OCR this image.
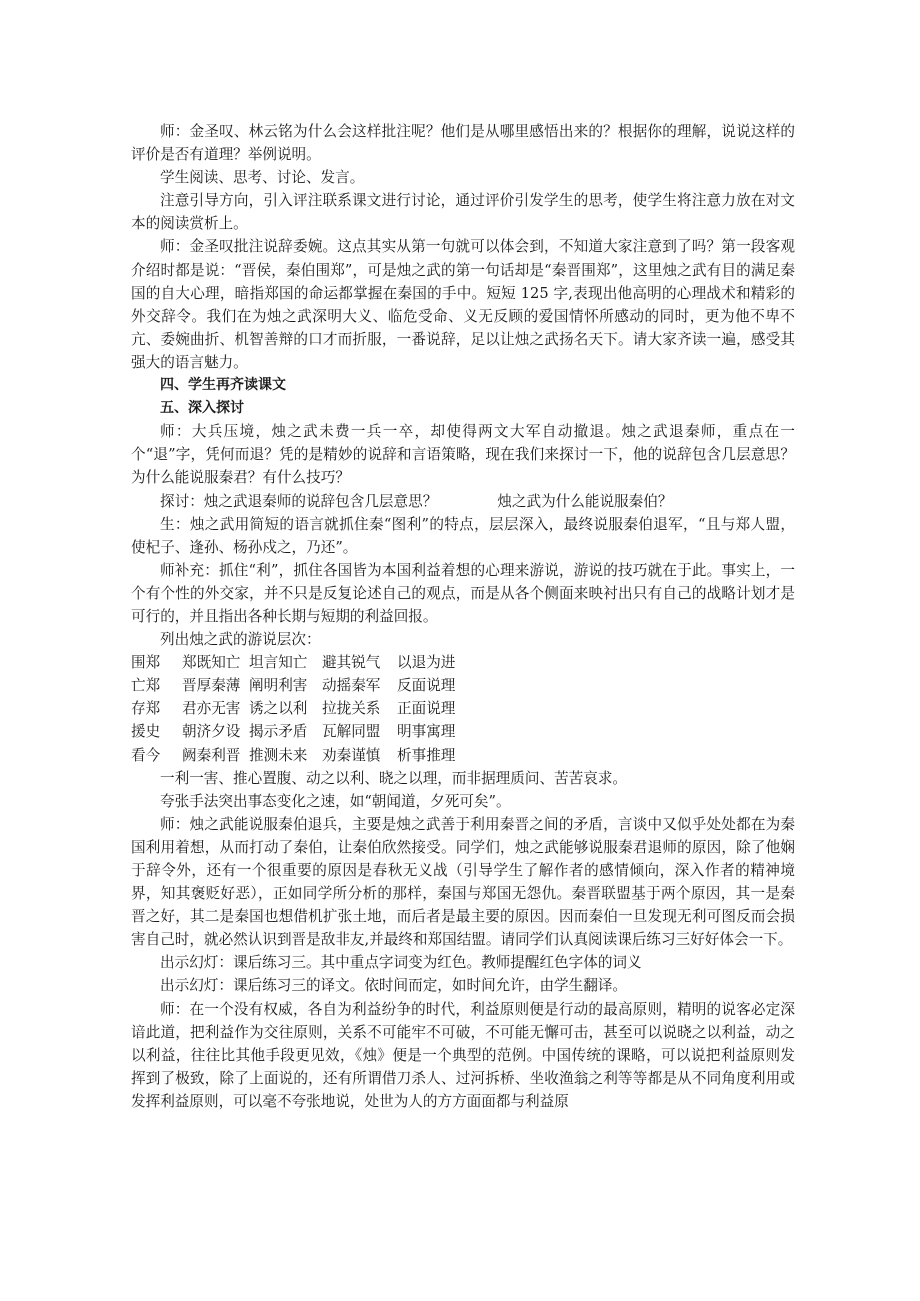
师：金圣叹、林云铭为什么会这样批注呢？他们是从哪里感悟出来的？根据你的理解，说说这样的评价是否有道理？举例说明。

学生阅读、思考、讨论、发言。

注意引导方向，引入评注联系课文进行讨论，通过评价引发学生的思考，使学生将注意力放在对文本的阅读赏析上。

师：金圣叹批注说辞委婉。这点其实从第一句就可以体会到，不知道大家注意到了吗？第一段客观介绍时都是说：“晋侯，秦伯围郑”，可是烛之武的第一句话却是“秦晋围郑”，这里烛之武有目的满足秦国的自大心理，暗指郑国的命运都掌握在秦国的手中。短短 125 字,表现出他高明的心理战术和精彩的外交辞令。我们在为烛之武深明大义、临危受命、义无反顾的爱国情怀所感动的同时，更为他不卑不亢、委婉曲折、机智善辩的口才而折服，一番说辞，足以让烛之武扬名天下。请大家齐读一遍，感受其强大的语言魅力。

四、学生再齐读课文

五、深入探讨

师：大兵压境，烛之武未费一兵一卒，却使得两文大军自动撤退。烛之武退秦师，重点在一个“退”字，凭何而退？凭的是精妙的说辞和言语策略，现在我们来探讨一下，他的说辞包含几层意思？为什么能说服秦君？有什么技巧？

探讨：烛之武退秦师的说辞包含几层意思？	烛之武为什么能说服秦伯？

生：烛之武用简短的语言就抓住秦“图利”的特点，层层深入，最终说服秦伯退军，“且与郑人盟，使杞子、逢孙、杨孙戍之，乃还”。

师补充：抓住“利”，抓住各国皆为本国利益着想的心理来游说，游说的技巧就在于此。事实上，一个有个性的外交家，并不只是反复论述自己的观点，而是从各个侧面来映衬出只有自己的战略计划才是可行的，并且指出各种长期与短期的利益回报。

列出烛之武的游说层次：

围郑	郑既知亡	坦言知亡	避其锐气	以退为进
亡郑	晋厚秦薄	阐明利害	动摇秦军	反面说理
存郑	君亦无害	诱之以利	拉拢关系	正面说理
援史	朝济夕设	揭示矛盾	瓦解同盟	明事寓理
看今	阙秦利晋	推测未来	劝秦谨慎	析事推理

一利一害、推心置腹、动之以利、晓之以理，而非据理质问、苦苦哀求。

夸张手法突出事态变化之速，如“朝闻道，夕死可矣”。

师：烛之武能说服秦伯退兵，主要是烛之武善于利用秦晋之间的矛盾，言谈中又似乎处处都在为秦国利用着想，从而打动了秦伯，让秦伯欣然接受。同学们，烛之武能够说服秦君退师的原因，除了他娴于辞令外，还有一个很重要的原因是春秋无义战（引导学生了解作者的感情倾向，深入作者的精神境界，知其褒贬好恶），正如同学所分析的那样，秦国与郑国无怨仇。秦晋联盟基于两个原因，其一是秦晋之好，其二是秦国也想借机扩张土地，而后者是最主要的原因。因而秦伯一旦发现无利可图反而会损害自己时，就必然认识到晋是敌非友,并最终和郑国结盟。请同学们认真阅读课后练习三好好体会一下。

出示幻灯：课后练习三。其中重点字词变为红色。教师提醒红色字体的词义

出示幻灯：课后练习三的译文。依时间而定，如时间允许，由学生翻译。

师：在一个没有权威，各自为利益纷争的时代，利益原则便是行动的最高原则，精明的说客必定深谙此道，把利益作为交往原则，关系不可能牢不可破，不可能无懈可击，甚至可以说晓之以利益，动之以利益，往往比其他手段更见效，《烛》便是一个典型的范例。中国传统的课略，可以说把利益原则发挥到了极致，除了上面说的，还有所谓借刀杀人、过河拆桥、坐收渔翁之利等等都是从不同角度利用或发挥利益原则，可以毫不夸张地说，处世为人的方方面面都与利益原
